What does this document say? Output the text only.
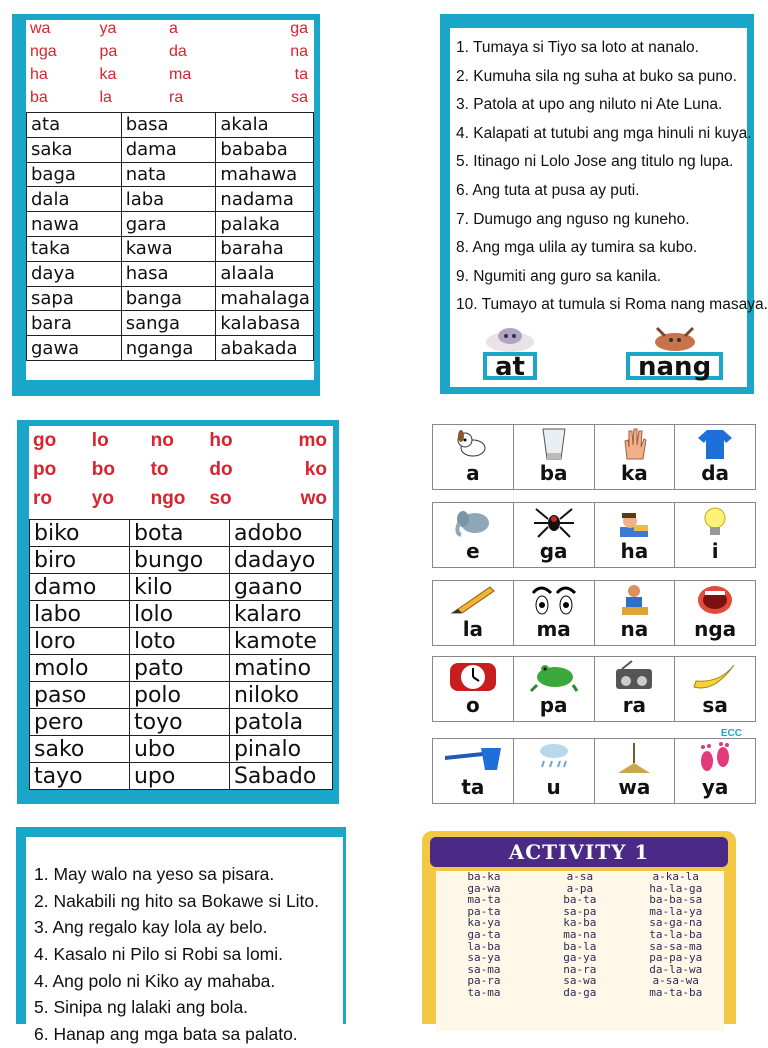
wa	ya	a	ga
nga	pa	da	na
ha	ka	ma	ta
ba	la	ra	sa
ata	basa	akala
saka	dama	bababa
baga	nata	mahawa
dala	laba	nadama
nawa	gara	palaka
taka	kawa	baraha
daya	hasa	alaala
sapa	banga	mahalaga
bara	sanga	kalabasa
gawa	nganga	abakada
1. Tumaya si Tiyo sa loto at nanalo.
2. Kumuha sila ng suha at buko sa puno.
3. Patola at upo ang niluto ni Ate Luna.
4. Kalapati at tutubi ang mga hinuli ni kuya.
5. Itinago ni Lolo Jose ang titulo ng lupa.
6. Ang tuta at pusa ay puti.
7. Dumugo ang nguso ng kuneho.
8. Ang mga ulila ay tumira sa kubo.
9. Ngumiti ang guro sa kanila.
10. Tumayo at tumula si Roma nang masaya.
at	nang
go	lo	no	ho	mo
po	bo	to	do	ko
ro	yo	ngo	so	wo
biko	bota	adobo
biro	bungo	dadayo
damo	kilo	gaano
labo	lolo	kalaro
loro	loto	kamote
molo	pato	matino
paso	polo	niloko
pero	toyo	patola
sako	ubo	pinalo
tayo	upo	Sabado
a	ba	ka	da
e	ga	ha	i
la	ma	na	nga
o	pa	ra	sa
ta	u	wa	ya
ECC
1. May walo na yeso sa pisara.
2. Nakabili ng hito sa Bokawe si Lito.
3. Ang regalo kay lola ay belo.
4. Kasalo ni Pilo si Robi sa lomi.
4. Ang polo ni Kiko ay mahaba.
5. Sinipa ng lalaki ang bola.
6. Hanap ang mga bata sa palato.
ACTIVITY 1
ba-ka	a-sa	a-ka-la
ga-wa	a-pa	ha-la-ga
ma-ta	ba-ta	ba-ba-sa
pa-ta	sa-pa	ma-la-ya
ka-ya	ka-ba	sa-ga-na
ga-ta	ma-na	ta-la-ba
la-ba	ba-la	sa-sa-ma
sa-ya	ga-ya	pa-pa-ya
sa-ma	na-ra	da-la-wa
pa-ra	sa-wa	a-sa-wa
ta-ma	da-ga	ma-ta-ba
